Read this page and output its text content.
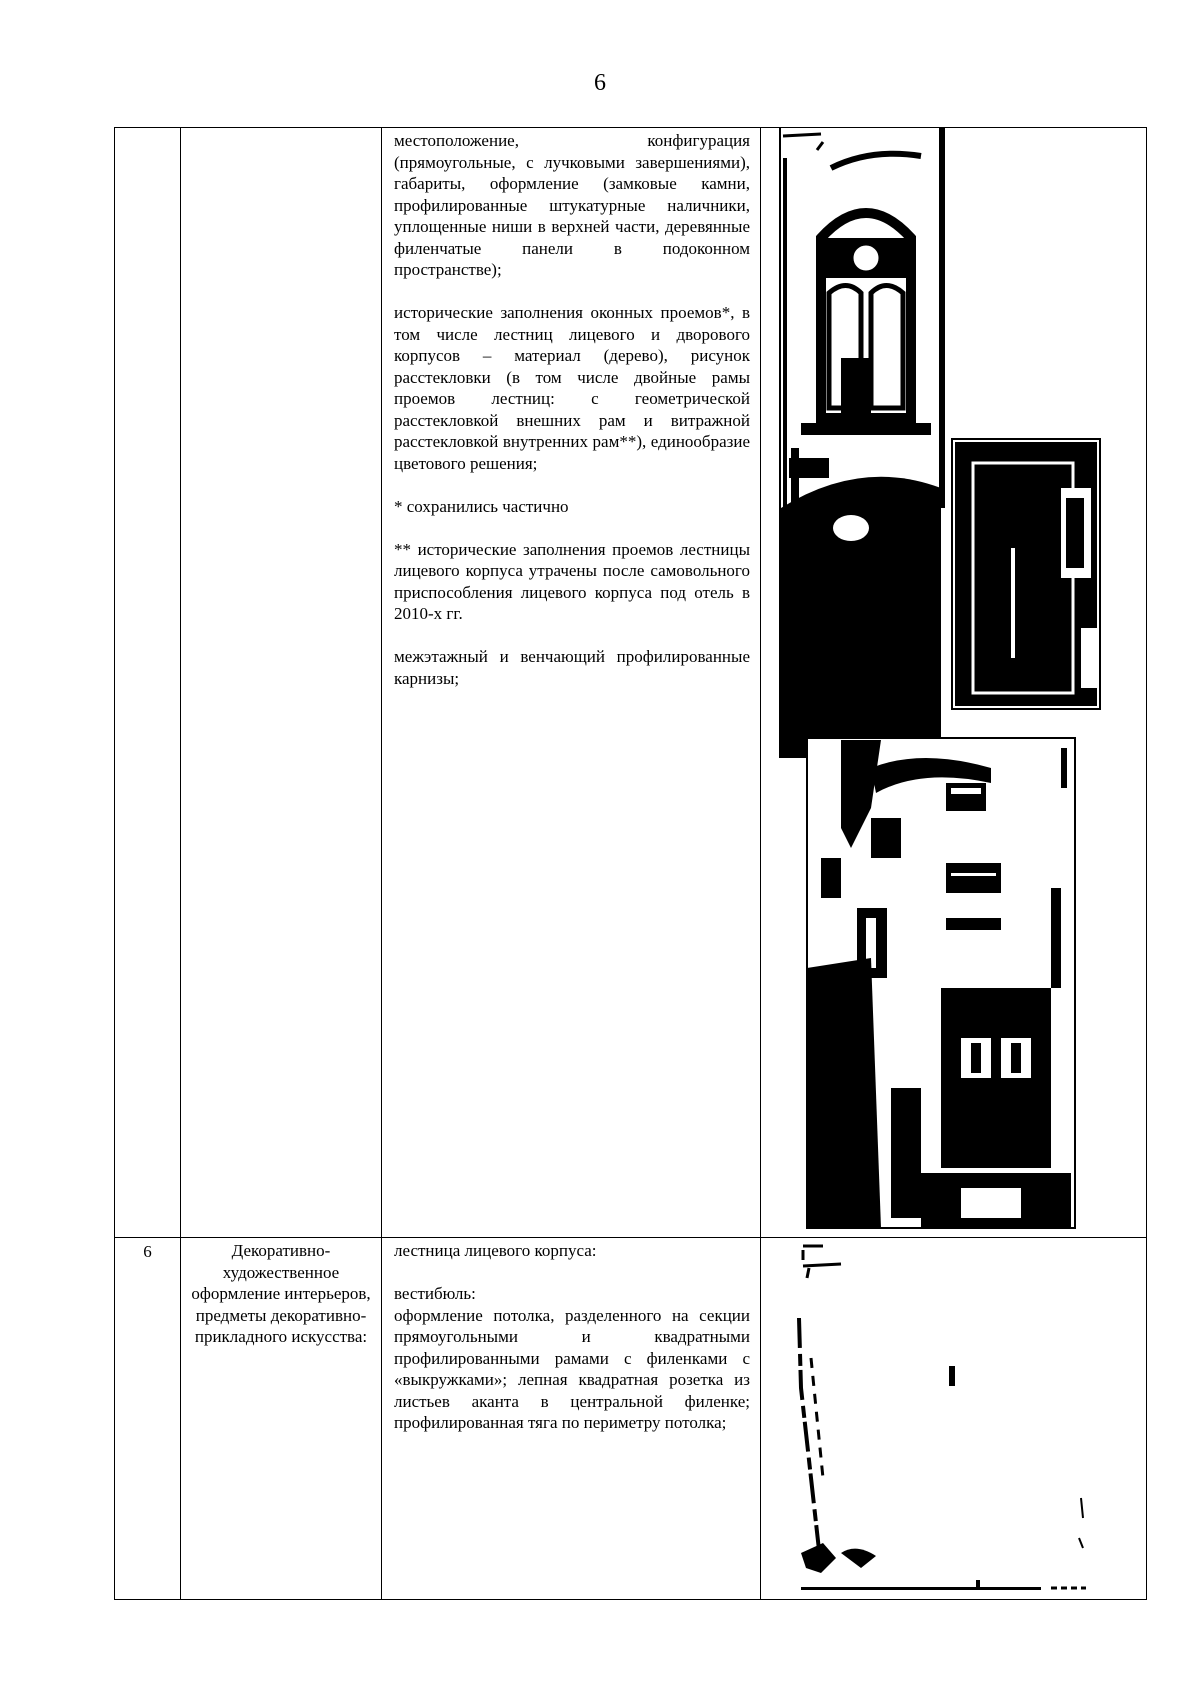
6

		местоположение, конфигурация (прямоугольные, с лучковыми завершениями), габариты, оформление (замковые камни, профилированные штукатурные наличники, уплощенные ниши в верхней части, деревянные филенчатые панели в подоконном пространстве);

исторические заполнения оконных проемов*, в том числе лестниц лицевого и дворового корпусов – материал (дерево), рисунок расстекловки (в том числе двойные рамы проемов лестниц: с геометрической расстекловкой внешних рам и витражной расстекловкой внутренних рам**), единообразие цветового решения;

* сохранились частично

** исторические заполнения проемов лестницы лицевого корпуса утрачены после самовольного приспособления лицевого корпуса под отель в 2010-х гг.

межэтажный и венчающий профилированные карнизы;

6	Декоративно-художественное оформление интерьеров, предметы декоративно-прикладного искусства:	лестница лицевого корпуса:

вестибюль:

оформление потолка, разделенного на секции прямоугольными и квадратными профилированными рамами с филенками с «выкружками»; лепная квадратная розетка из листьев аканта в центральной филенке; профилированная тяга по периметру потолка;
